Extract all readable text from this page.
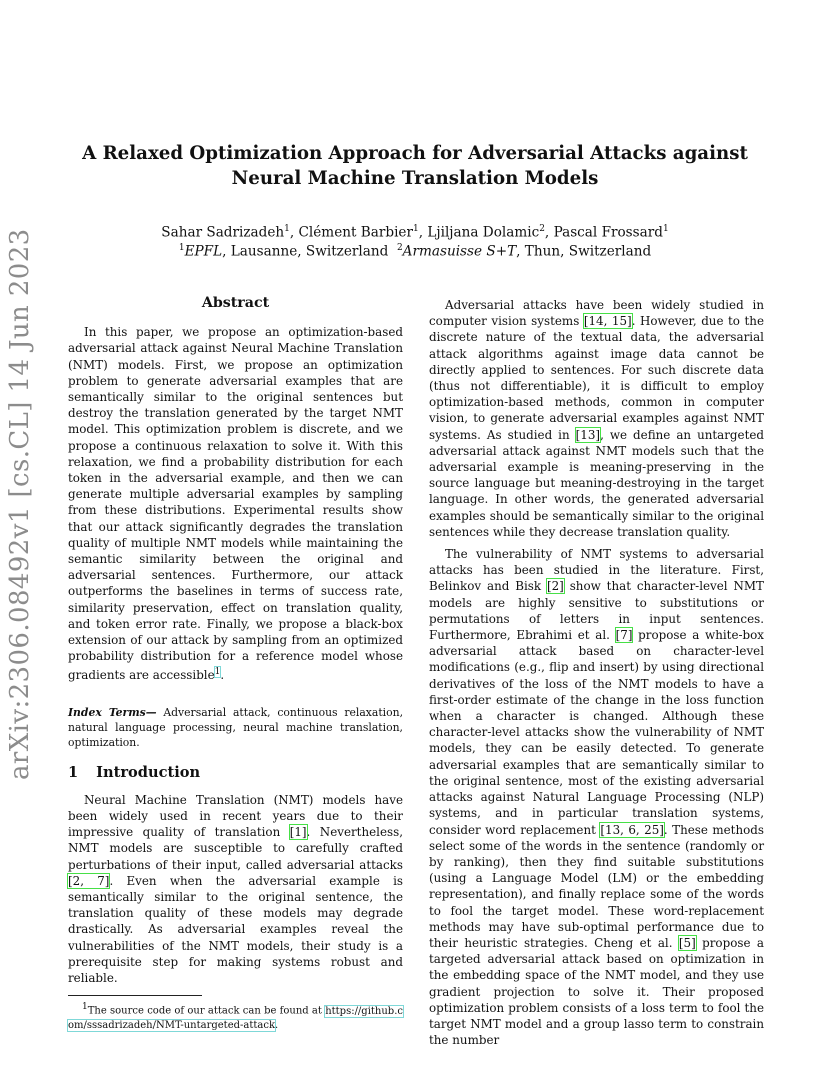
A Relaxed Optimization Approach for Adversarial Attacks against
Neural Machine Translation Models
Sahar Sadrizadeh$^1$, Clément Barbier$^1$, Ljiljana Dolamic$^2$, Pascal Frossard$^1$
$^1$EPFL, Lausanne, Switzerland $^2$Armasuisse S+T, Thun, Switzerland
arXiv:2306.08492v1 [cs.CL] 14 Jun 2023	Abstract

In this paper, we propose an optimization-based adversarial attack against Neural Machine Translation (NMT) models. First, we propose an optimization problem to generate adversarial examples that are semantically similar to the original sentences but destroy the translation generated by the target NMT model. This optimization problem is discrete, and we propose a continuous relaxation to solve it. With this relaxation, we find a probability distribution for each token in the adversarial example, and then we can generate multiple adversarial examples by sampling from these distributions. Experimental results show that our attack significantly degrades the translation quality of multiple NMT models while maintaining the semantic similarity between the original and adversarial sentences. Furthermore, our attack outperforms the baselines in terms of success rate, similarity preservation, effect on translation quality, and token error rate. Finally, we propose a black-box extension of our attack by sampling from an optimized probability distribution for a reference model whose gradients are accessible$^1$.

Index Terms— Adversarial attack, continuous relaxation, natural language processing, neural machine translation, optimization.
1 Introduction

Neural Machine Translation (NMT) models have been widely used in recent years due to their impressive quality of translation [1]. Nevertheless, NMT models are susceptible to carefully crafted perturbations of their input, called adversarial attacks [2, 7]. Even when the adversarial example is semantically similar to the original sentence, the translation quality of these models may degrade drastically. As adversarial examples reveal the vulnerabilities of the NMT models, their study is a prerequisite step for making systems robust and reliable.

$^1$The source code of our attack can be found at https://github.com/sssadrizadeh/NMT-untargeted-attack.

Adversarial attacks have been widely studied in computer vision systems [14, 15]. However, due to the discrete nature of the textual data, the adversarial attack algorithms against image data cannot be directly applied to sentences. For such discrete data (thus not differentiable), it is difficult to employ optimization-based methods, common in computer vision, to generate adversarial examples against NMT systems. As studied in [13], we define an untargeted adversarial attack against NMT models such that the adversarial example is meaning-preserving in the source language but meaning-destroying in the target language. In other words, the generated adversarial examples should be semantically similar to the original sentences while they decrease translation quality.

The vulnerability of NMT systems to adversarial attacks has been studied in the literature. First, Belinkov and Bisk [2] show that character-level NMT models are highly sensitive to substitutions or permutations of letters in input sentences. Furthermore, Ebrahimi et al. [7] propose a white-box adversarial attack based on character-level modifications (e.g., flip and insert) by using directional derivatives of the loss of the NMT models to have a first-order estimate of the change in the loss function when a character is changed. Although these character-level attacks show the vulnerability of NMT models, they can be easily detected. To generate adversarial examples that are semantically similar to the original sentence, most of the existing adversarial attacks against Natural Language Processing (NLP) systems, and in particular translation systems, consider word replacement [13, 6, 25]. These methods select some of the words in the sentence (randomly or by ranking), then they find suitable substitutions (using a Language Model (LM) or the embedding representation), and finally replace some of the words to fool the target model. These word-replacement methods may have sub-optimal performance due to their heuristic strategies. Cheng et al. [5] propose a targeted adversarial attack based on optimization in the embedding space of the NMT model, and they use gradient projection to solve it. Their proposed optimization problem consists of a loss term to fool the target NMT model and a group lasso term to constrain the number
